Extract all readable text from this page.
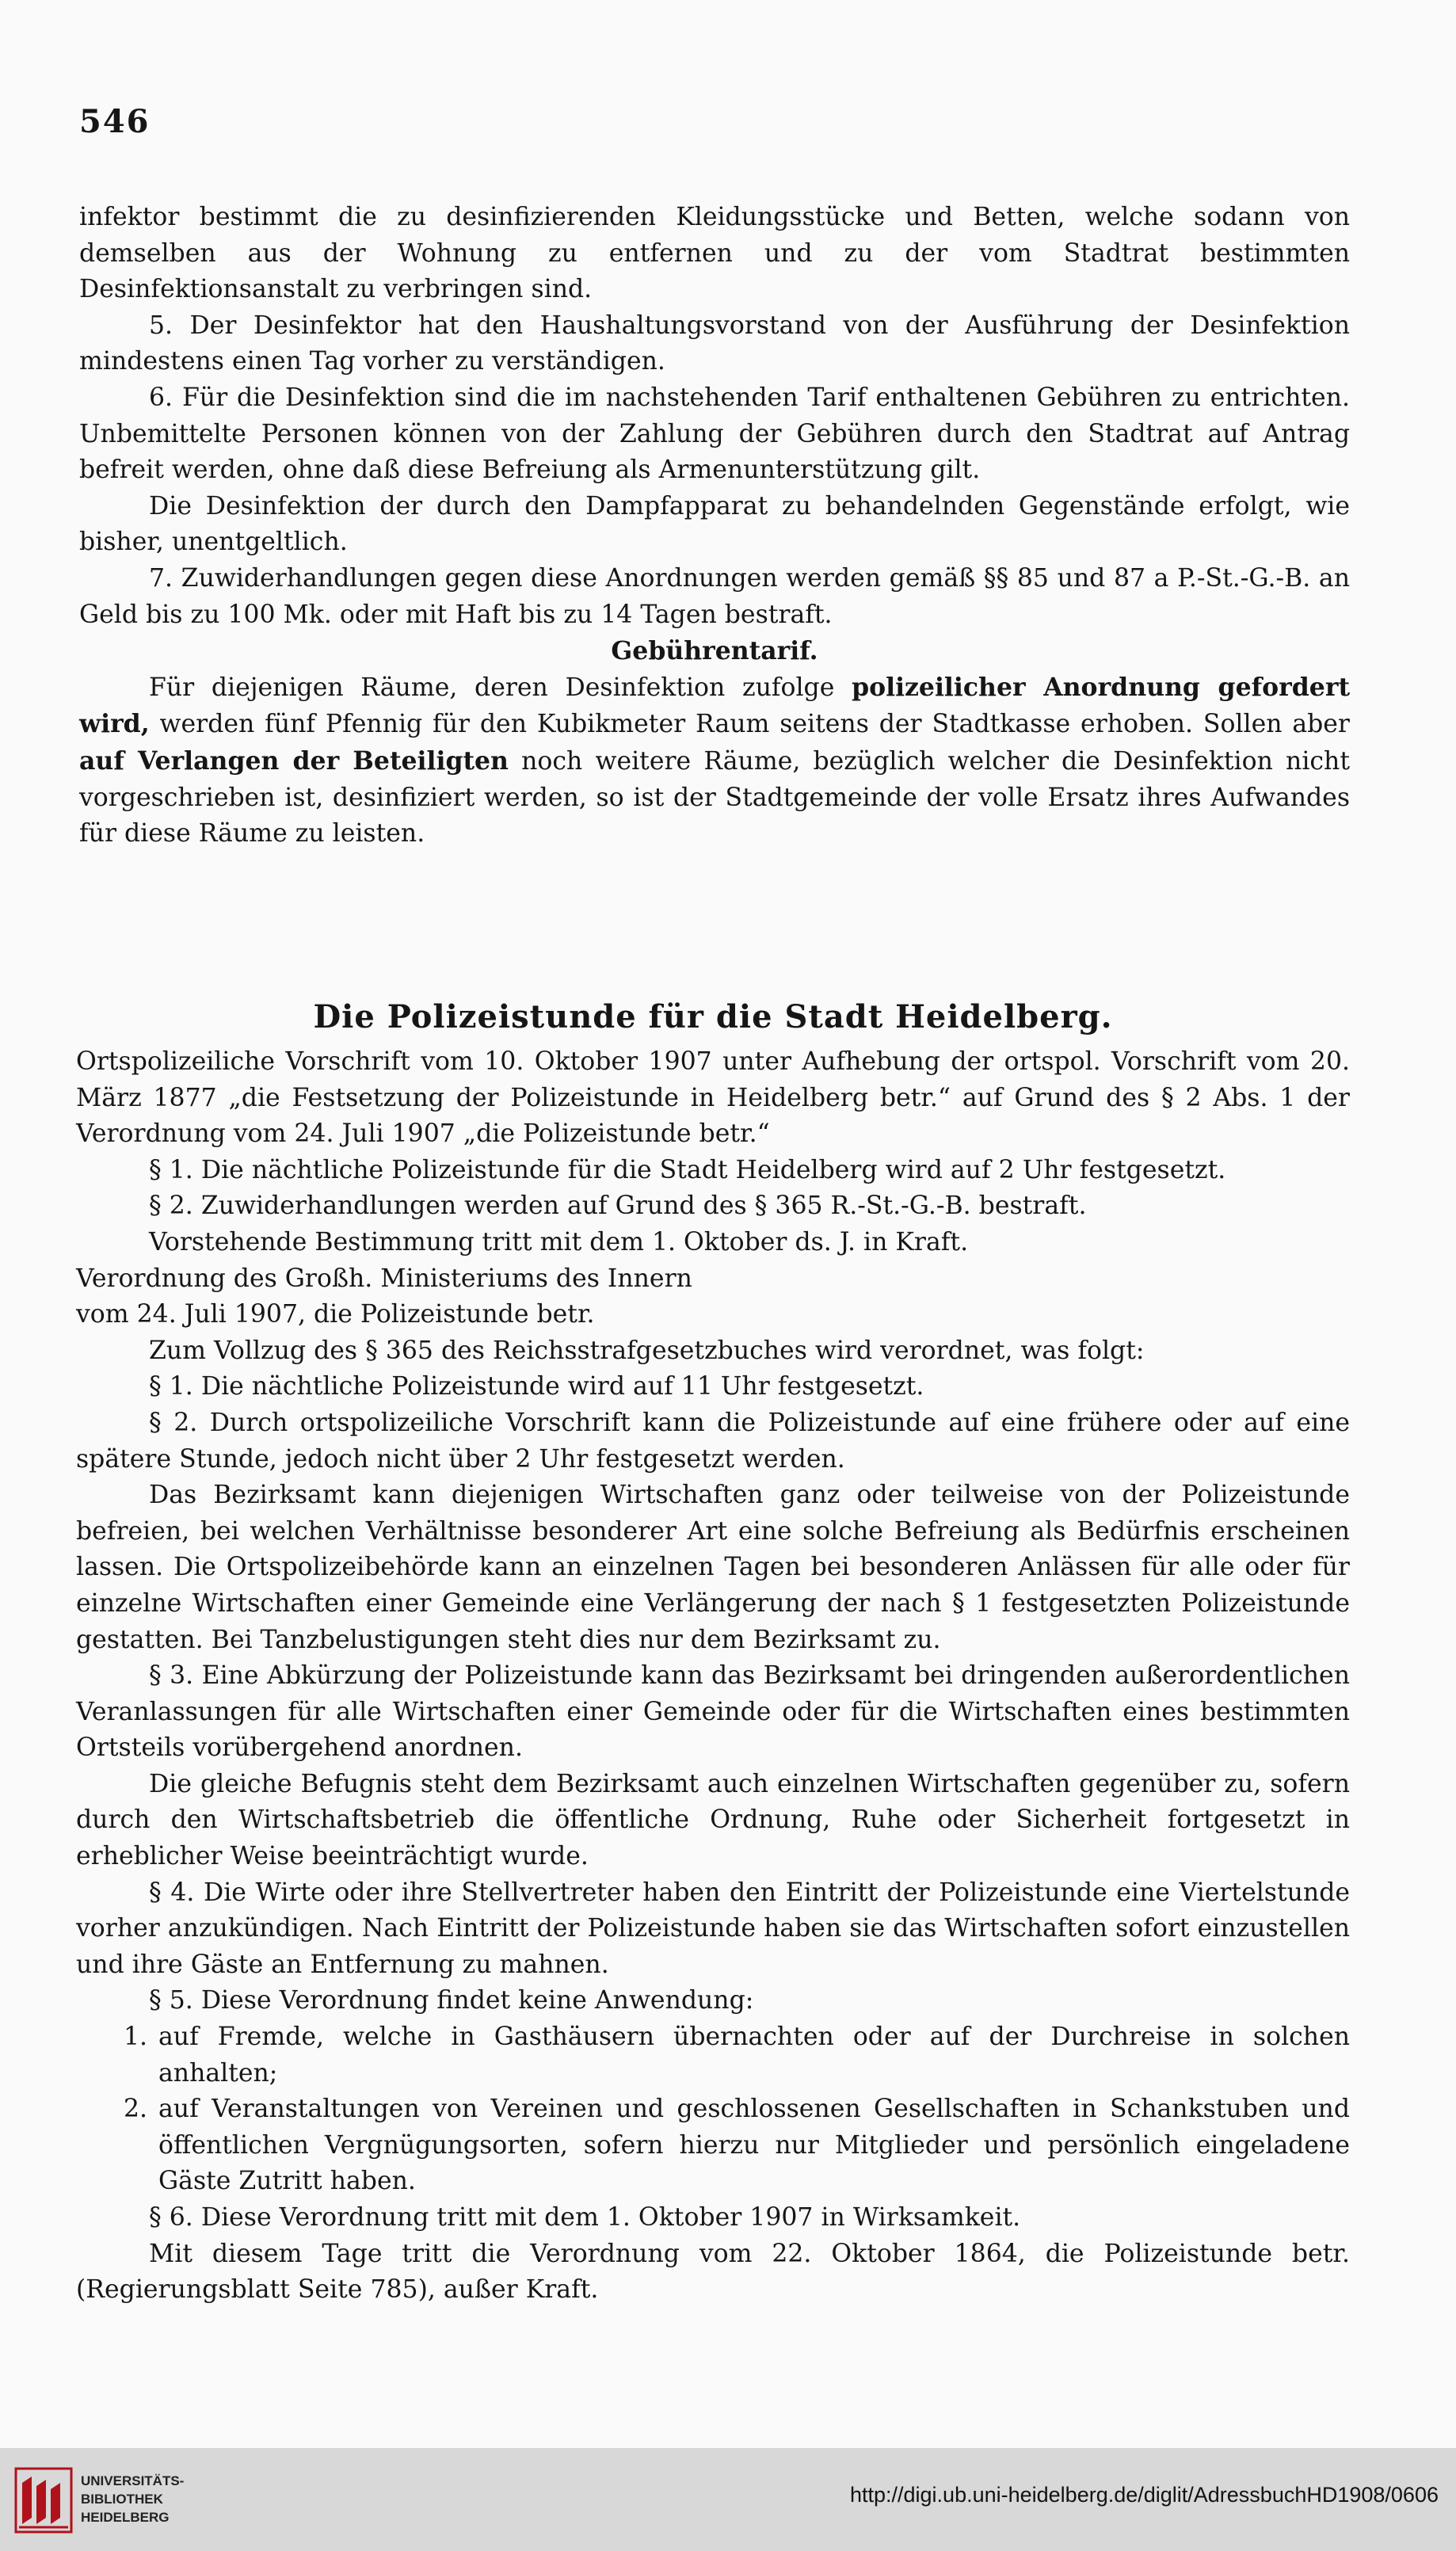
546

infektor bestimmt die zu desinfizierenden Kleidungsstücke und Betten, welche sodann von demselben aus der Wohnung zu entfernen und zu der vom Stadtrat bestimmten Desinfektionsanstalt zu verbringen sind.

5. Der Desinfektor hat den Haushaltungsvorstand von der Ausführung der Desinfektion mindestens einen Tag vorher zu verständigen.

6. Für die Desinfektion sind die im nachstehenden Tarif enthaltenen Gebühren zu entrichten. Unbemittelte Personen können von der Zahlung der Gebühren durch den Stadtrat auf Antrag befreit werden, ohne daß diese Befreiung als Armenunterstützung gilt.

Die Desinfektion der durch den Dampfapparat zu behandelnden Gegenstände erfolgt, wie bisher, unentgeltlich.

7. Zuwiderhandlungen gegen diese Anordnungen werden gemäß §§ 85 und 87 a P.-St.-G.-B. an Geld bis zu 100 Mk. oder mit Haft bis zu 14 Tagen bestraft.

Gebührentarif.

Für diejenigen Räume, deren Desinfektion zufolge polizeilicher Anordnung gefordert wird, werden fünf Pfennig für den Kubikmeter Raum seitens der Stadtkasse erhoben. Sollen aber auf Verlangen der Beteiligten noch weitere Räume, bezüglich welcher die Desinfektion nicht vorgeschrieben ist, desinfiziert werden, so ist der Stadtgemeinde der volle Ersatz ihres Aufwandes für diese Räume zu leisten.

Die Polizeistunde für die Stadt Heidelberg.

Ortspolizeiliche Vorschrift vom 10. Oktober 1907 unter Aufhebung der ortspol. Vorschrift vom 20. März 1877 „die Festsetzung der Polizeistunde in Heidelberg betr.“ auf Grund des § 2 Abs. 1 der Verordnung vom 24. Juli 1907 „die Polizeistunde betr.“

§ 1. Die nächtliche Polizeistunde für die Stadt Heidelberg wird auf 2 Uhr festgesetzt.

§ 2. Zuwiderhandlungen werden auf Grund des § 365 R.-St.-G.-B. bestraft.

Vorstehende Bestimmung tritt mit dem 1. Oktober ds. J. in Kraft.

Verordnung des Großh. Ministeriums des Innern

vom 24. Juli 1907, die Polizeistunde betr.

Zum Vollzug des § 365 des Reichsstrafgesetzbuches wird verordnet, was folgt:

§ 1. Die nächtliche Polizeistunde wird auf 11 Uhr festgesetzt.

§ 2. Durch ortspolizeiliche Vorschrift kann die Polizeistunde auf eine frühere oder auf eine spätere Stunde, jedoch nicht über 2 Uhr festgesetzt werden.

Das Bezirksamt kann diejenigen Wirtschaften ganz oder teilweise von der Polizeistunde befreien, bei welchen Verhältnisse besonderer Art eine solche Befreiung als Bedürfnis erscheinen lassen. Die Ortspolizeibehörde kann an einzelnen Tagen bei besonderen Anlässen für alle oder für einzelne Wirtschaften einer Gemeinde eine Verlängerung der nach § 1 festgesetzten Polizeistunde gestatten. Bei Tanzbelustigungen steht dies nur dem Bezirksamt zu.

§ 3. Eine Abkürzung der Polizeistunde kann das Bezirksamt bei dringenden außerordentlichen Veranlassungen für alle Wirtschaften einer Gemeinde oder für die Wirtschaften eines bestimmten Ortsteils vorübergehend anordnen.

Die gleiche Befugnis steht dem Bezirksamt auch einzelnen Wirtschaften gegenüber zu, sofern durch den Wirtschaftsbetrieb die öffentliche Ordnung, Ruhe oder Sicherheit fortgesetzt in erheblicher Weise beeinträchtigt wurde.

§ 4. Die Wirte oder ihre Stellvertreter haben den Eintritt der Polizeistunde eine Viertelstunde vorher anzukündigen. Nach Eintritt der Polizeistunde haben sie das Wirtschaften sofort einzustellen und ihre Gäste an Entfernung zu mahnen.

§ 5. Diese Verordnung findet keine Anwendung:

1. auf Fremde, welche in Gasthäusern übernachten oder auf der Durchreise in solchen anhalten;
2. auf Veranstaltungen von Vereinen und geschlossenen Gesellschaften in Schankstuben und öffentlichen Vergnügungsorten, sofern hierzu nur Mitglieder und persönlich eingeladene Gäste Zutritt haben.

§ 6. Diese Verordnung tritt mit dem 1. Oktober 1907 in Wirksamkeit.

Mit diesem Tage tritt die Verordnung vom 22. Oktober 1864, die Polizeistunde betr. (Regierungsblatt Seite 785), außer Kraft.

UNIVERSITÄTS-
BIBLIOTHEK
HEIDELBERG
http://digi.ub.uni-heidelberg.de/diglit/AdressbuchHD1908/0606
